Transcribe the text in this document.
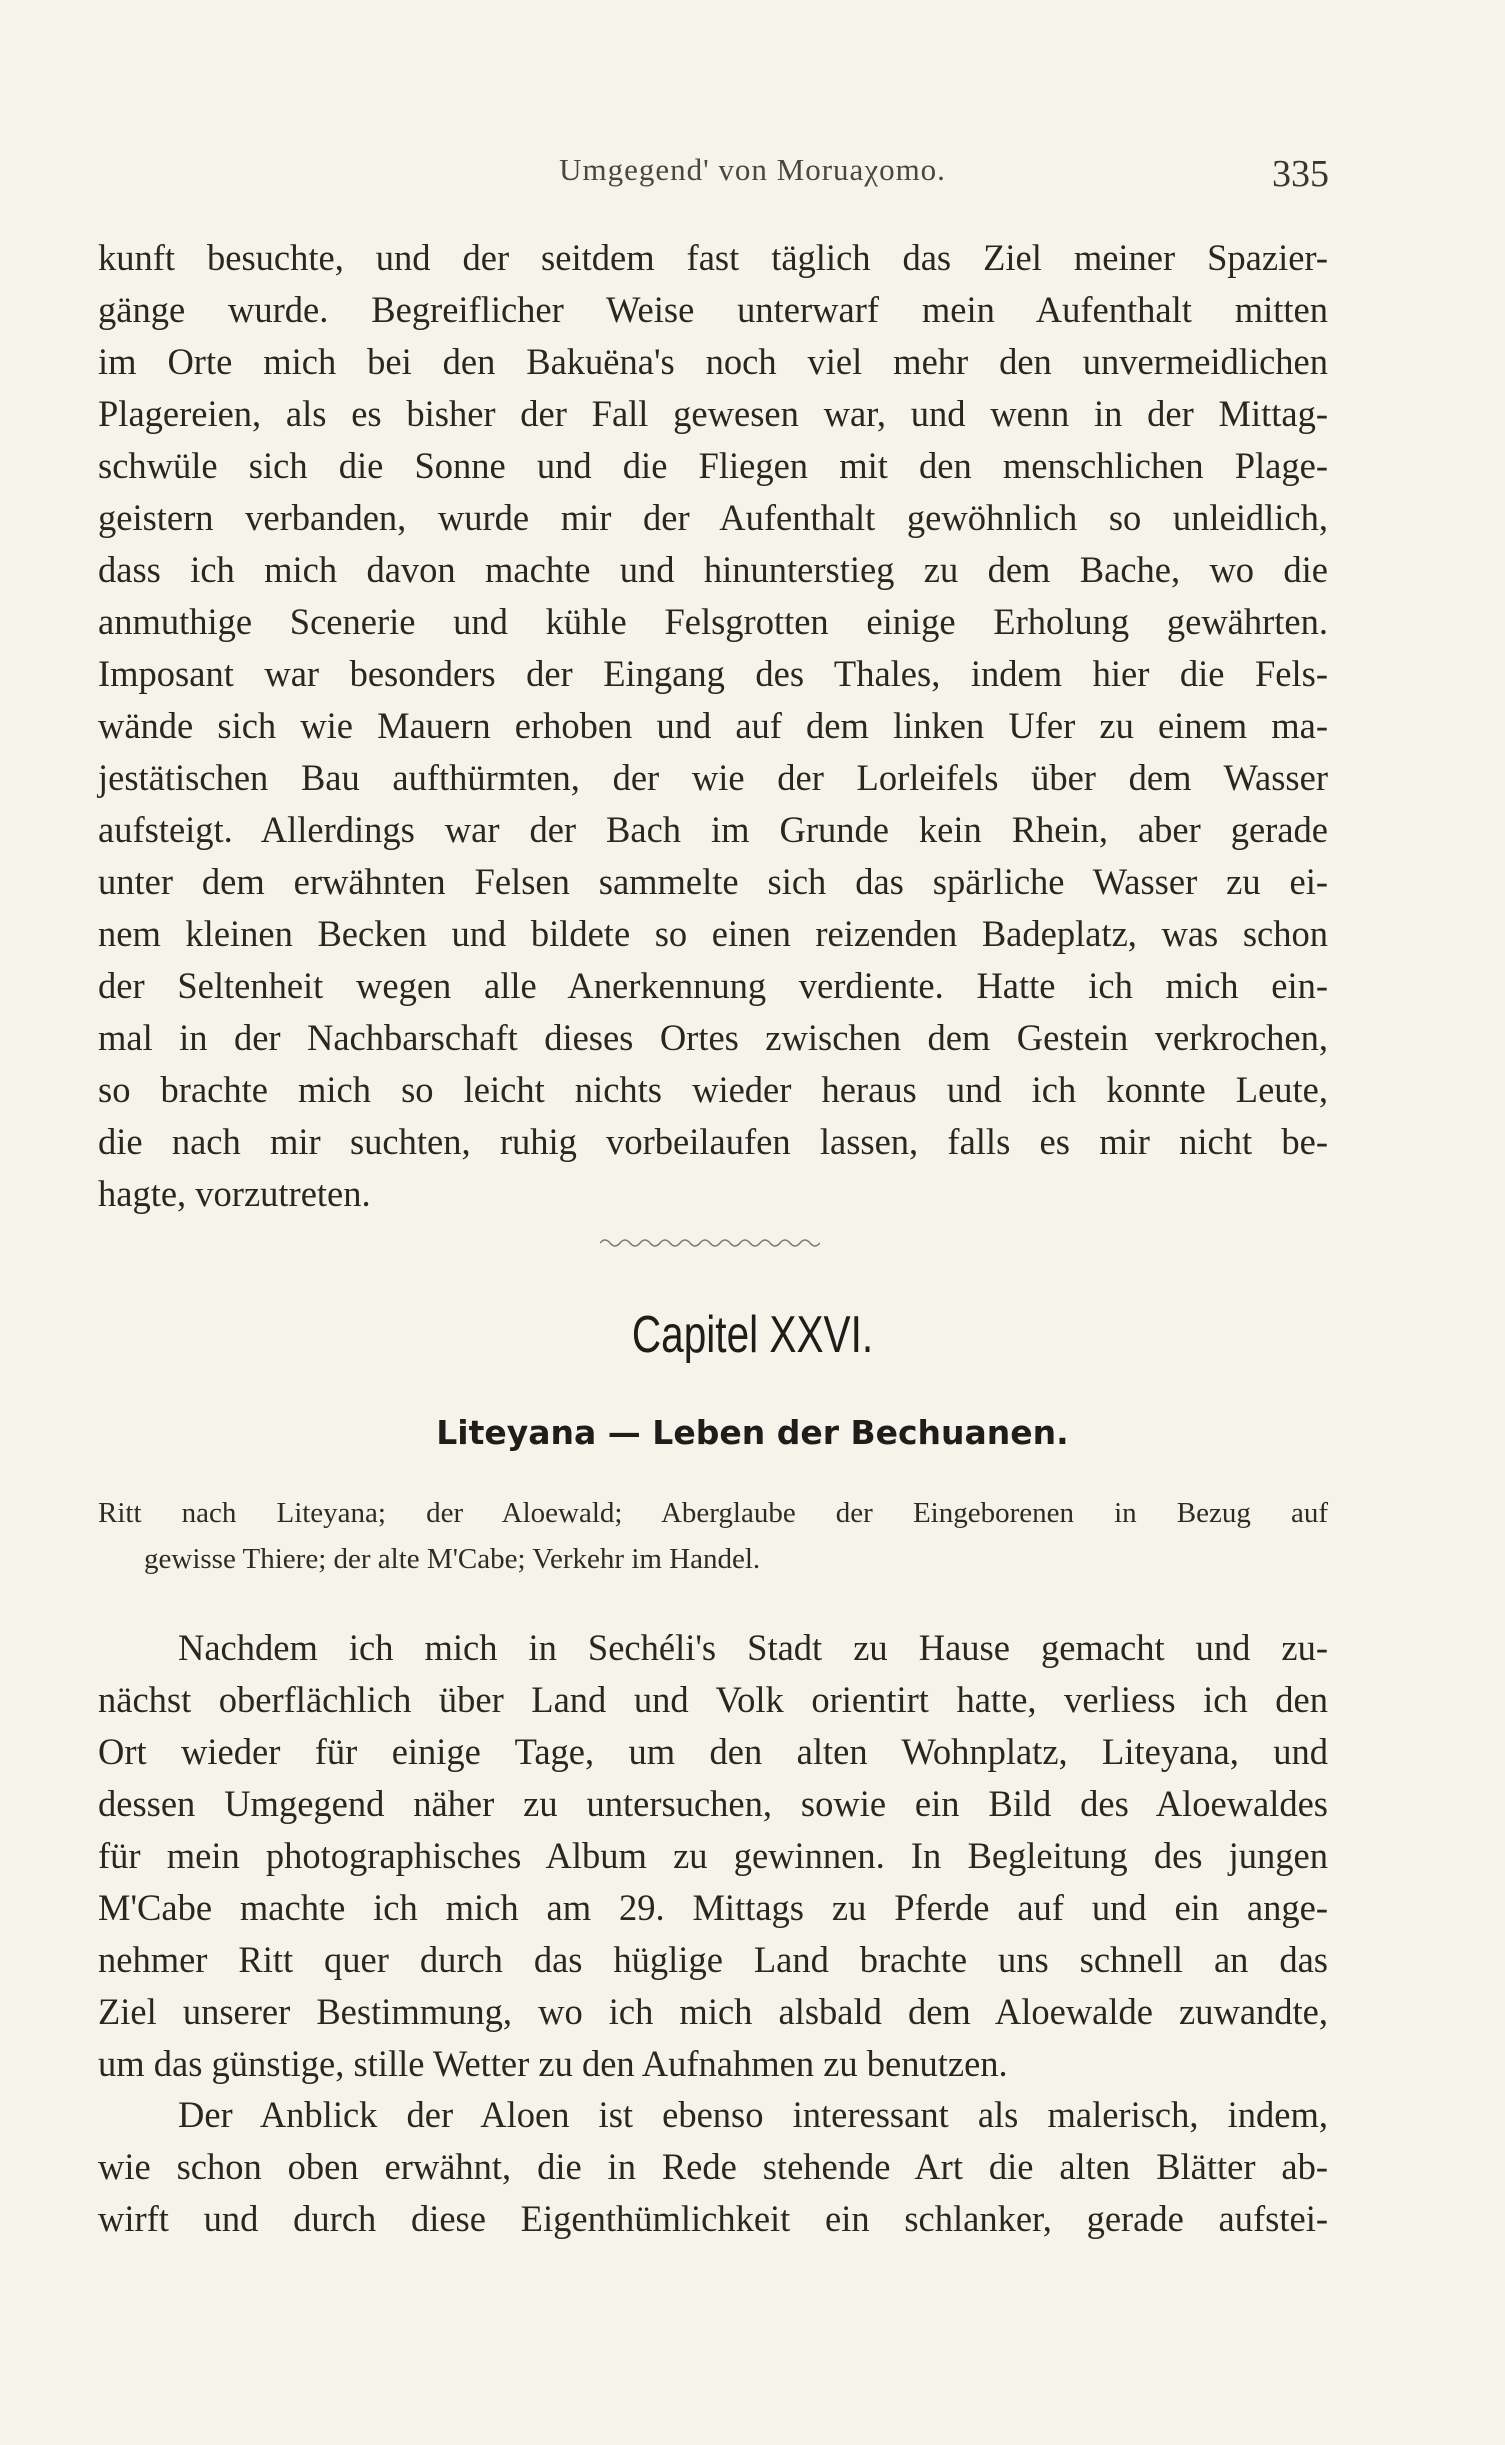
Umgegend' von Moruaχomo.	335

kunft besuchte, und der seitdem fast täglich das Ziel meiner Spazier-
gänge wurde. Begreiflicher Weise unterwarf mein Aufenthalt mitten
im Orte mich bei den Bakuëna's noch viel mehr den unvermeidlichen
Plagereien, als es bisher der Fall gewesen war, und wenn in der Mittag-
schwüle sich die Sonne und die Fliegen mit den menschlichen Plage-
geistern verbanden, wurde mir der Aufenthalt gewöhnlich so unleidlich,
dass ich mich davon machte und hinunterstieg zu dem Bache, wo die
anmuthige Scenerie und kühle Felsgrotten einige Erholung gewährten.
Imposant war besonders der Eingang des Thales, indem hier die Fels-
wände sich wie Mauern erhoben und auf dem linken Ufer zu einem ma-
jestätischen Bau aufthürmten, der wie der Lorleifels über dem Wasser
aufsteigt. Allerdings war der Bach im Grunde kein Rhein, aber gerade
unter dem erwähnten Felsen sammelte sich das spärliche Wasser zu ei-
nem kleinen Becken und bildete so einen reizenden Badeplatz, was schon
der Seltenheit wegen alle Anerkennung verdiente. Hatte ich mich ein-
mal in der Nachbarschaft dieses Ortes zwischen dem Gestein verkrochen,
so brachte mich so leicht nichts wieder heraus und ich konnte Leute,
die nach mir suchten, ruhig vorbeilaufen lassen, falls es mir nicht be-
hagte, vorzutreten.

Capitel XXVI.
Liteyana — Leben der Bechuanen.
Ritt nach Liteyana; der Aloewald; Aberglaube der Eingeborenen in Bezug auf
gewisse Thiere; der alte M'Cabe; Verkehr im Handel.

Nachdem ich mich in Sechéli's Stadt zu Hause gemacht und zu-
nächst oberflächlich über Land und Volk orientirt hatte, verliess ich den
Ort wieder für einige Tage, um den alten Wohnplatz, Liteyana, und
dessen Umgegend näher zu untersuchen, sowie ein Bild des Aloewaldes
für mein photographisches Album zu gewinnen. In Begleitung des jungen
M'Cabe machte ich mich am 29. Mittags zu Pferde auf und ein ange-
nehmer Ritt quer durch das hüglige Land brachte uns schnell an das
Ziel unserer Bestimmung, wo ich mich alsbald dem Aloewalde zuwandte,
um das günstige, stille Wetter zu den Aufnahmen zu benutzen.

Der Anblick der Aloen ist ebenso interessant als malerisch, indem,
wie schon oben erwähnt, die in Rede stehende Art die alten Blätter ab-
wirft und durch diese Eigenthümlichkeit ein schlanker, gerade aufstei-
